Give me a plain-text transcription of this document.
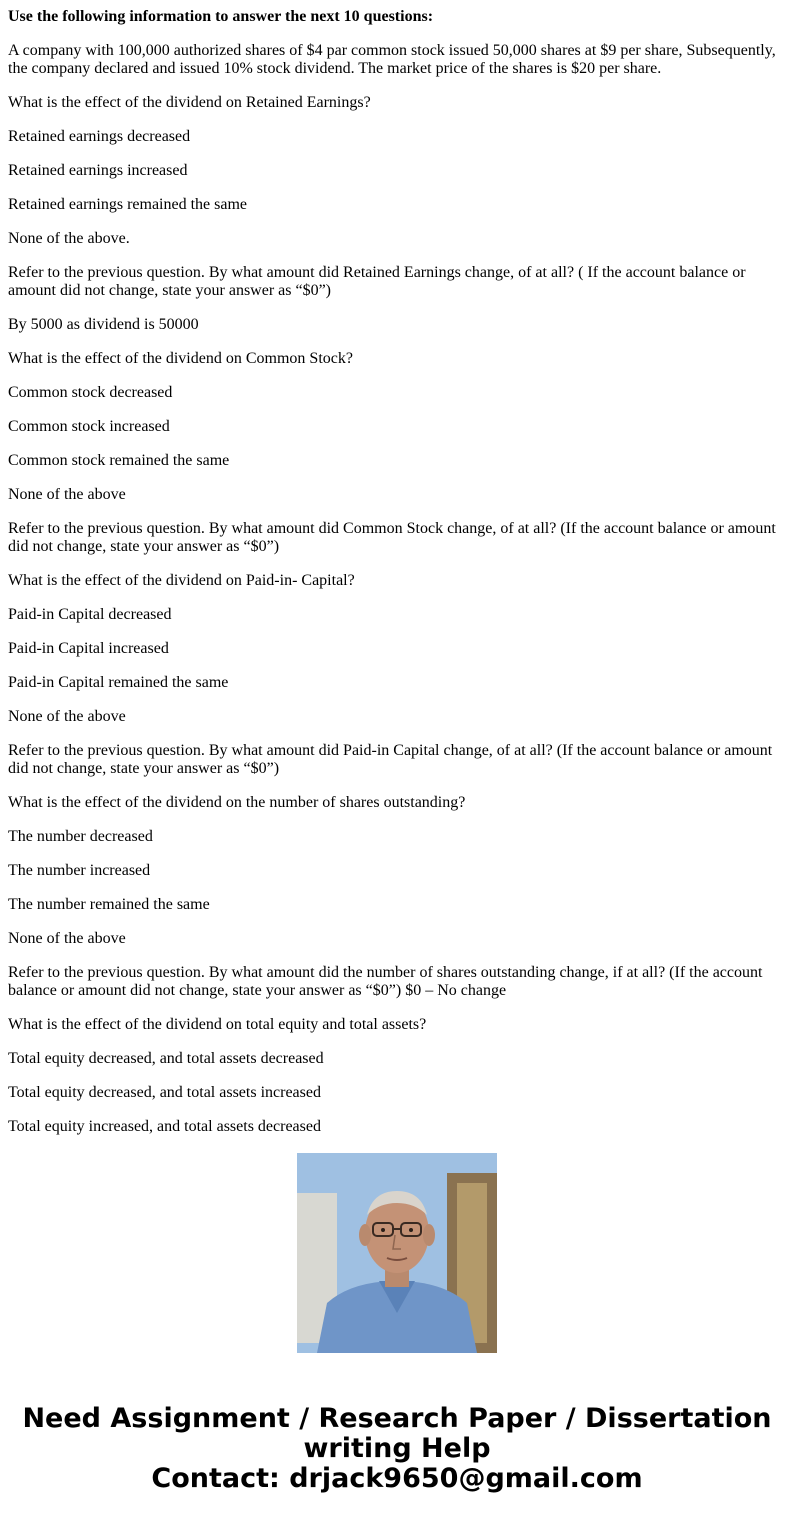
Use the following information to answer the next 10 questions:

A company with 100,000 authorized shares of $4 par common stock issued 50,000 shares at $9 per share, Subsequently, the company declared and issued 10% stock dividend. The market price of the shares is $20 per share.

What is the effect of the dividend on Retained Earnings?

Retained earnings decreased

Retained earnings increased

Retained earnings remained the same

None of the above.

Refer to the previous question. By what amount did Retained Earnings change, of at all? ( If the account balance or amount did not change, state your answer as “$0”)

By 5000 as dividend is 50000

What is the effect of the dividend on Common Stock?

Common stock decreased

Common stock increased

Common stock remained the same

None of the above

Refer to the previous question. By what amount did Common Stock change, of at all? (If the account balance or amount did not change, state your answer as “$0”)

What is the effect of the dividend on Paid-in- Capital?

Paid-in Capital decreased

Paid-in Capital increased

Paid-in Capital remained the same

None of the above

Refer to the previous question. By what amount did Paid-in Capital change, of at all? (If the account balance or amount did not change, state your answer as “$0”)

What is the effect of the dividend on the number of shares outstanding?

The number decreased

The number increased

The number remained the same

None of the above

Refer to the previous question. By what amount did the number of shares outstanding change, if at all? (If the account balance or amount did not change, state your answer as “$0”) $0 – No change

What is the effect of the dividend on total equity and total assets?

Total equity decreased, and total assets decreased

Total equity decreased, and total assets increased

Total equity increased, and total assets decreased

Need Assignment / Research Paper / Dissertation
writing Help
Contact: drjack9650@gmail.com
